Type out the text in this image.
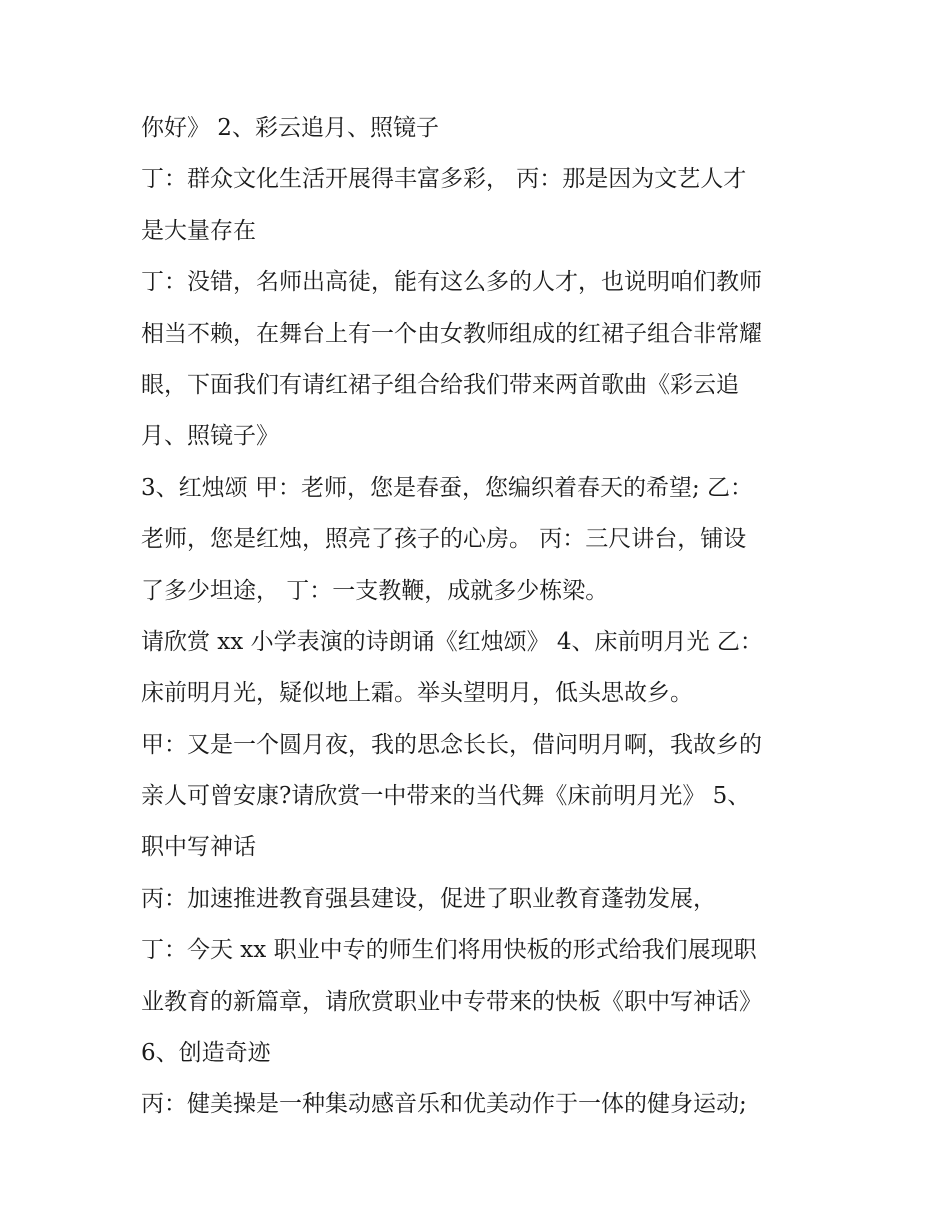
你好》 2、彩云追月、照镜子
丁：群众文化生活开展得丰富多彩， 丙：那是因为文艺人才
是大量存在
丁：没错，名师出高徒，能有这么多的人才，也说明咱们教师
相当不赖，在舞台上有一个由女教师组成的红裙子组合非常耀
眼，下面我们有请红裙子组合给我们带来两首歌曲《彩云追
月、照镜子》
3、红烛颂 甲：老师，您是春蚕，您编织着春天的希望; 乙：
老师，您是红烛，照亮了孩子的心房。 丙：三尺讲台，铺设
了多少坦途， 丁：一支教鞭，成就多少栋梁。
请欣赏 xx 小学表演的诗朗诵《红烛颂》 4、床前明月光 乙：
床前明月光，疑似地上霜。举头望明月，低头思故乡。
甲：又是一个圆月夜，我的思念长长，借问明月啊，我故乡的
亲人可曾安康?请欣赏一中带来的当代舞《床前明月光》 5、
职中写神话
丙：加速推进教育强县建设，促进了职业教育蓬勃发展，
丁：今天 xx 职业中专的师生们将用快板的形式给我们展现职
业教育的新篇章，请欣赏职业中专带来的快板《职中写神话》
6、创造奇迹
丙：健美操是一种集动感音乐和优美动作于一体的健身运动;
